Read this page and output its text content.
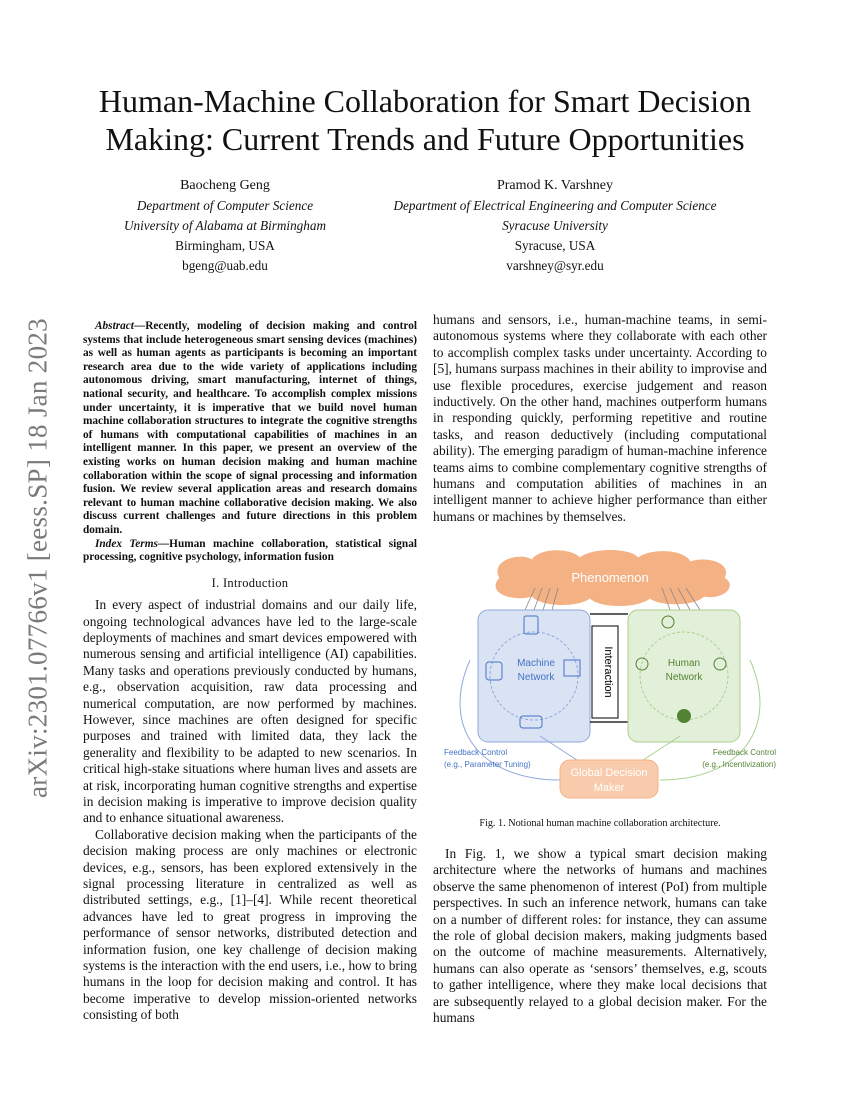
arXiv:2301.07766v1 [eess.SP] 18 Jan 2023
Human-Machine Collaboration for Smart Decision
Making: Current Trends and Future Opportunities
Baocheng Geng
Department of Computer Science
University of Alabama at Birmingham
Birmingham, USA
bgeng@uab.edu
Pramod K. Varshney
Department of Electrical Engineering and Computer Science
Syracuse University
Syracuse, USA
varshney@syr.edu

Abstract—Recently, modeling of decision making and control systems that include heterogeneous smart sensing devices (machines) as well as human agents as participants is becoming an important research area due to the wide variety of applications including autonomous driving, smart manufacturing, internet of things, national security, and healthcare. To accomplish complex missions under uncertainty, it is imperative that we build novel human machine collaboration structures to integrate the cognitive strengths of humans with computational capabilities of machines in an intelligent manner. In this paper, we present an overview of the existing works on human decision making and human machine collaboration within the scope of signal processing and information fusion. We review several application areas and research domains relevant to human machine collaborative decision making. We also discuss current challenges and future directions in this problem domain.

Index Terms—Human machine collaboration, statistical signal processing, cognitive psychology, information fusion

I. Introduction

In every aspect of industrial domains and our daily life, ongoing technological advances have led to the large-scale deployments of machines and smart devices empowered with numerous sensing and artificial intelligence (AI) capabilities. Many tasks and operations previously conducted by humans, e.g., observation acquisition, raw data processing and numerical computation, are now performed by machines. However, since machines are often designed for specific purposes and trained with limited data, they lack the generality and flexibility to be adapted to new scenarios. In critical high-stake situations where human lives and assets are at risk, incorporating human cognitive strengths and expertise in decision making is imperative to improve decision quality and to enhance situational awareness.

Collaborative decision making when the participants of the decision making process are only machines or electronic devices, e.g., sensors, has been explored extensively in the signal processing literature in centralized as well as distributed settings, e.g., [1]–[4]. While recent theoretical advances have led to great progress in improving the performance of sensor networks, distributed detection and information fusion, one key challenge of decision making systems is the interaction with the end users, i.e., how to bring humans in the loop for decision making and control. It has become imperative to develop mission-oriented networks consisting of both

humans and sensors, i.e., human-machine teams, in semi-autonomous systems where they collaborate with each other to accomplish complex tasks under uncertainty. According to [5], humans surpass machines in their ability to improvise and use flexible procedures, exercise judgement and reason inductively. On the other hand, machines outperform humans in responding quickly, performing repetitive and routine tasks, and reason deductively (including computational ability). The emerging paradigm of human-machine inference teams aims to combine complementary cognitive strengths of humans and computation abilities of machines in an intelligent manner to achieve higher performance than either humans or machines by themselves.

Phenomenon
Machine
Network	Interaction	Human
Network
Feedback Control
(e.g., Parameter Tuning)
Feedback Control
(e.g., Incentivization)
Global Decision
Maker
Fig. 1. Notional human machine collaboration architecture.

In Fig. 1, we show a typical smart decision making architecture where the networks of humans and machines observe the same phenomenon of interest (PoI) from multiple perspectives. In such an inference network, humans can take on a number of different roles: for instance, they can assume the role of global decision makers, making judgments based on the outcome of machine measurements. Alternatively, humans can also operate as ‘sensors’ themselves, e.g, scouts to gather intelligence, where they make local decisions that are subsequently relayed to a global decision maker. For the humans
